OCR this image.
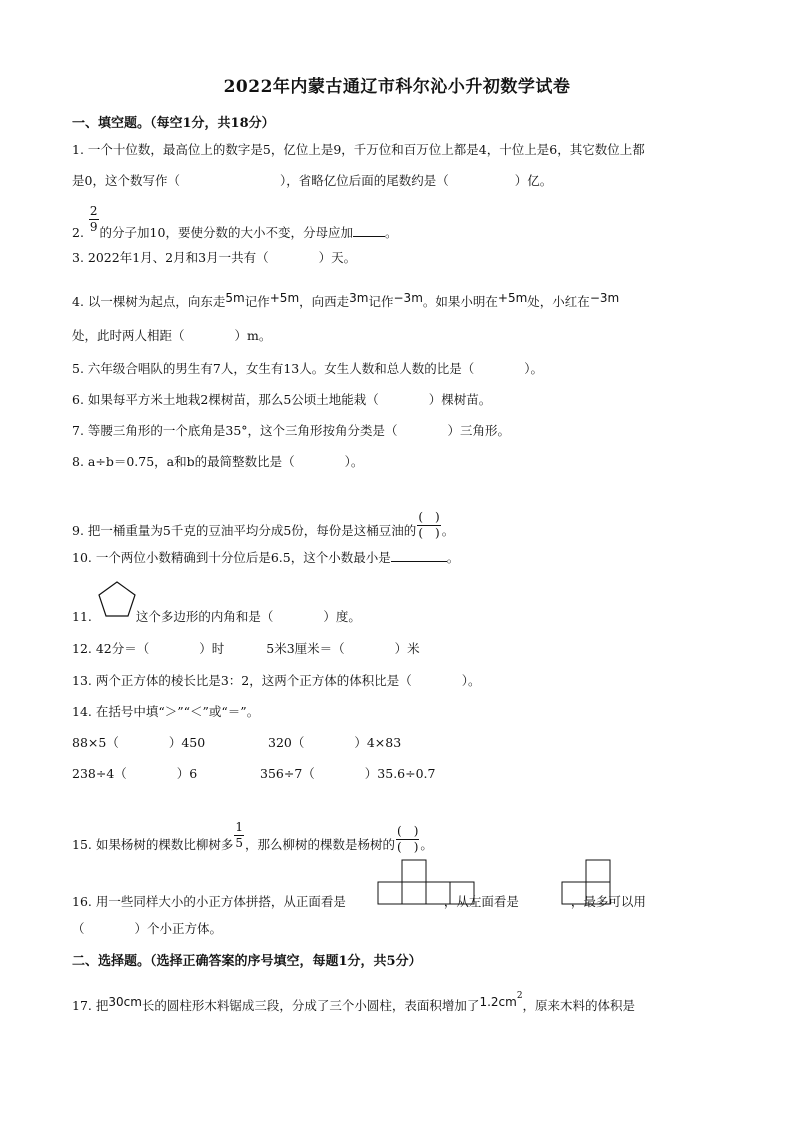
2022年内蒙古通辽市科尔沁小升初数学试卷
一、填空题。（每空1分，共18分）
1. 一个十位数，最高位上的数字是5，亿位上是9，千万位和百万位上都是4，十位上是6，其它数位上都
是0，这个数写作（	），省略亿位后面的尾数约是（	）亿。
2. $\frac{2}{9}$ 的分子加10，要使分数的大小不变，分母应加	。
3. 2022年1月、2月和3月一共有（　　　　）天。
4. 以一棵树为起点，向东走5m记作+5m，向西走3m记作−3m。如果小明在+5m处，小红在−3m
处，此时两人相距（　　　　）m。
5. 六年级合唱队的男生有7人，女生有13人。女生人数和总人数的比是（　　　　）。
6. 如果每平方米土地栽2棵树苗，那么5公顷土地能栽（　　　　）棵树苗。
7. 等腰三角形的一个底角是35°，这个三角形按角分类是（　　　　）三角形。
8. a÷b＝0.75，a和b的最简整数比是（　　　　）。
9. 把一桶重量为5千克的豆油平均分成5份，每份是这桶豆油的 $\frac{( )}{( )}$ 。
10. 一个两位小数精确到十分位后是6.5，这个小数最小是	。
11.	这个多边形的内角和是（　　　　）度。
12. 42分＝（　　　　）时	5米3厘米＝（　　　　）米
13. 两个正方体的棱长比是3：2，这两个正方体的体积比是（　　　　）。
14. 在括号中填“＞”“＜”或“＝”。
88×5（　　　　）450	320（　　　　）4×83
238÷4（　　　　）6	356÷7（　　　　）35.6÷0.7
15. 如果杨树的棵数比柳树多 $\frac{1}{5}$ ，那么柳树的棵数是杨树的 $\frac{( )}{( )}$ 。
16. 用一些同样大小的小正方体拼搭，从正面看是	，从左面看是	，最多可以用
（　　　　）个小正方体。
二、选择题。（选择正确答案的序号填空，每题1分，共5分）
17. 把30cm长的圆柱形木料锯成三段，分成了三个小圆柱，表面积增加了$1.2cm^2$，原来木料的体积是
